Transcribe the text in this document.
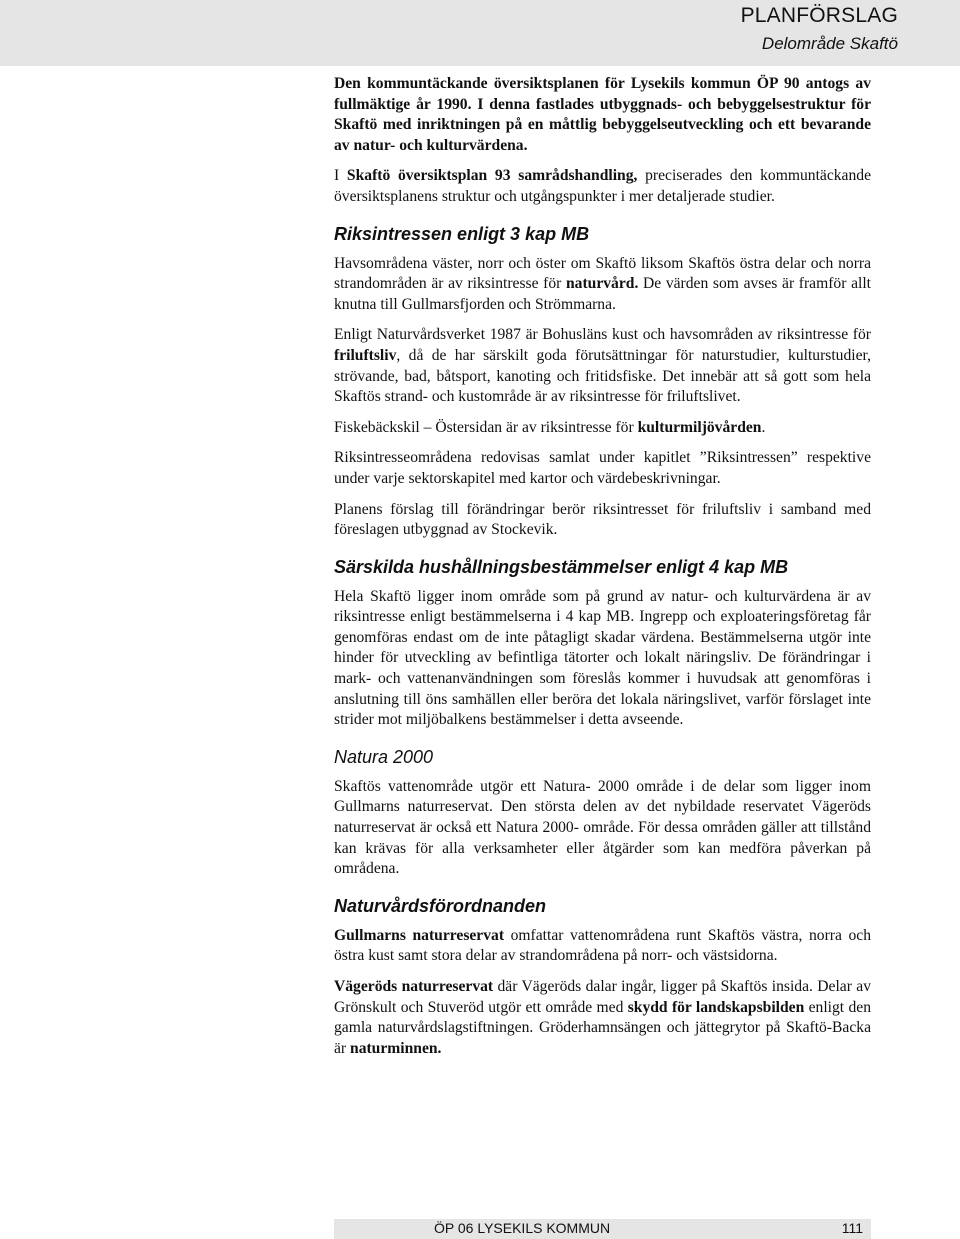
PLANFÖRSLAG
Delområde Skaftö

Den kommuntäckande översiktsplanen för Lysekils kommun ÖP 90 antogs av fullmäktige år 1990. I denna fastlades utbyggnads- och bebyggelsestruktur för Skaftö med inriktningen på en måttlig bebyggelseutveckling och ett bevarande av natur- och kulturvärdena.

I Skaftö översiktsplan 93 samrådshandling, preciserades den kommuntäckande översiktsplanens struktur och utgångspunkter i mer detaljerade studier.

Riksintressen enligt 3 kap MB

Havsområdena väster, norr och öster om Skaftö liksom Skaftös östra delar och norra strandområden är av riksintresse för naturvård. De värden som avses är framför allt knutna till Gullmarsfjorden och Strömmarna.

Enligt Naturvårdsverket 1987 är Bohusläns kust och havsområden av riksintresse för friluftsliv, då de har särskilt goda förutsättningar för naturstudier, kulturstudier, strövande, bad, båtsport, kanoting och fritidsfiske. Det innebär att så gott som hela Skaftös strand- och kustområde är av riksintresse för friluftslivet.

Fiskebäckskil – Östersidan är av riksintresse för kulturmiljövården.

Riksintresseområdena redovisas samlat under kapitlet ”Riksintressen” respektive under varje sektorskapitel med kartor och värdebeskrivningar.

Planens förslag till förändringar berör riksintresset för friluftsliv i samband med föreslagen utbyggnad av Stockevik.

Särskilda hushållningsbestämmelser enligt 4 kap MB

Hela Skaftö ligger inom område som på grund av natur- och kulturvärdena är av riksintresse enligt bestämmelserna i 4 kap MB. Ingrepp och exploateringsföretag får genomföras endast om de inte påtagligt skadar värdena. Bestämmelserna utgör inte hinder för utveckling av befintliga tätorter och lokalt näringsliv. De förändringar i mark- och vattenanvändningen som föreslås kommer i huvudsak att genomföras i anslutning till öns samhällen eller beröra det lokala näringslivet, varför förslaget inte strider mot miljöbalkens bestämmelser i detta avseende.

Natura 2000

Skaftös vattenområde utgör ett Natura- 2000 område i de delar som ligger inom Gullmarns naturreservat. Den största delen av det nybildade reservatet Vägeröds naturreservat är också ett Natura 2000- område. För dessa områden gäller att tillstånd kan krävas för alla verksamheter eller åtgärder som kan medföra påverkan på områdena.

Naturvårdsförordnanden

Gullmarns naturreservat omfattar vattenområdena runt Skaftös västra, norra och östra kust samt stora delar av strandområdena på norr- och västsidorna.

Vägeröds naturreservat där Vägeröds dalar ingår, ligger på Skaftös insida. Delar av Grönskult och Stuveröd utgör ett område med skydd för landskapsbilden enligt den gamla naturvårdslagstiftningen. Gröderhamnsängen och jättegrytor på Skaftö-Backa är naturminnen.

ÖP 06 LYSEKILS KOMMUN	111
